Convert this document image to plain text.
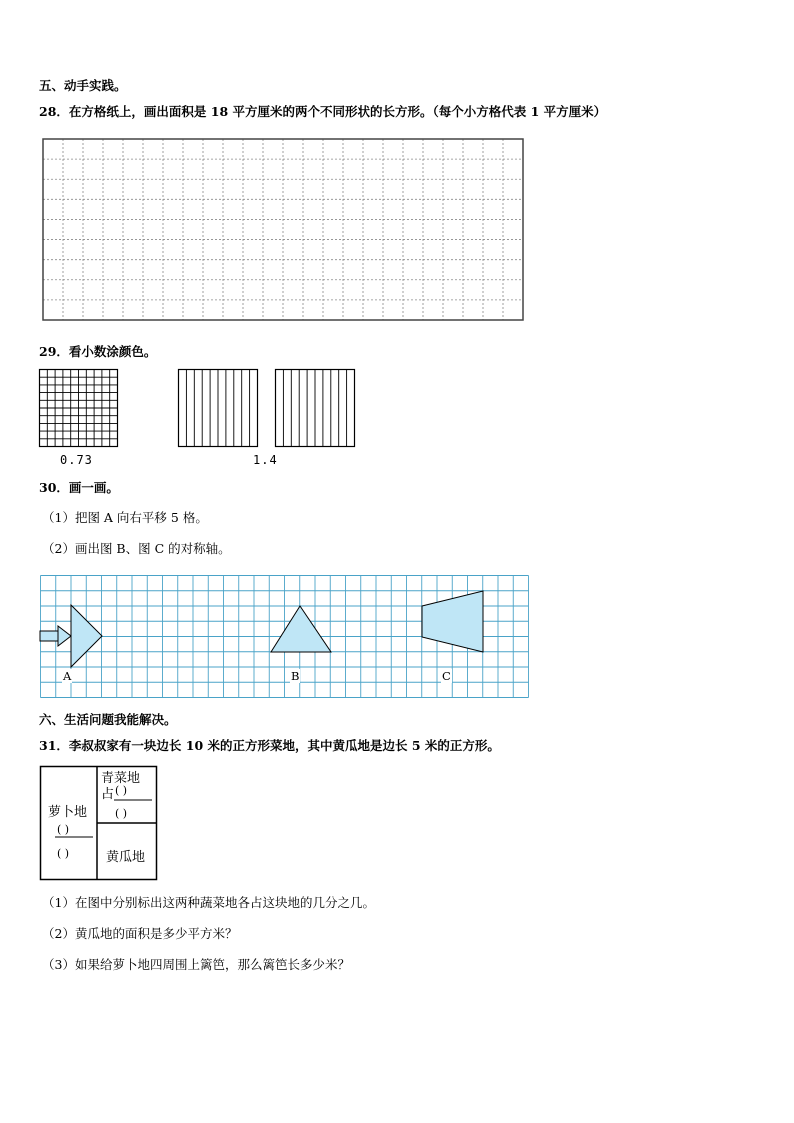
五、动手实践。
28．在方格纸上，画出面积是 18 平方厘米的两个不同形状的长方形。（每个小方格代表 1 平方厘米）
29．看小数涂颜色。
0.73	1.4
30．画一画。
（1）把图 A 向右平移 5 格。
（2）画出图 B、图 C 的对称轴。
A	B	C
六、生活问题我能解决。
31．李叔叔家有一块边长 10 米的正方形菜地，其中黄瓜地是边长 5 米的正方形。
萝卜地
( )
( )
青菜地
占 ( )
( )
黄瓜地
（1）在图中分别标出这两种蔬菜地各占这块地的几分之几。
（2）黄瓜地的面积是多少平方米？
（3）如果给萝卜地四周围上篱笆，那么篱笆长多少米？
